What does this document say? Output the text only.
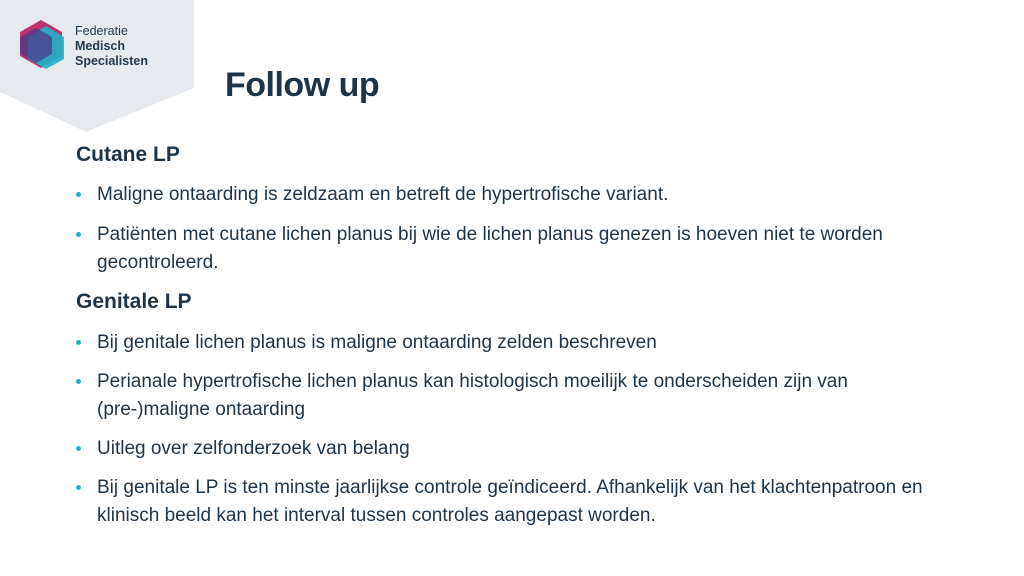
Federatie
Medisch
Specialisten
Follow up
Cutane LP
Maligne ontaarding is zeldzaam en betreft de hypertrofische variant.
Patiënten met cutane lichen planus bij wie de lichen planus genezen is hoeven niet te worden gecontroleerd.
Genitale LP
Bij genitale lichen planus is maligne ontaarding zelden beschreven
Perianale hypertrofische lichen planus kan histologisch moeilijk te onderscheiden zijn van (pre-)maligne ontaarding
Uitleg over zelfonderzoek van belang
Bij genitale LP is ten minste jaarlijkse controle geïndiceerd. Afhankelijk van het klachtenpatroon en klinisch beeld kan het interval tussen controles aangepast worden.
